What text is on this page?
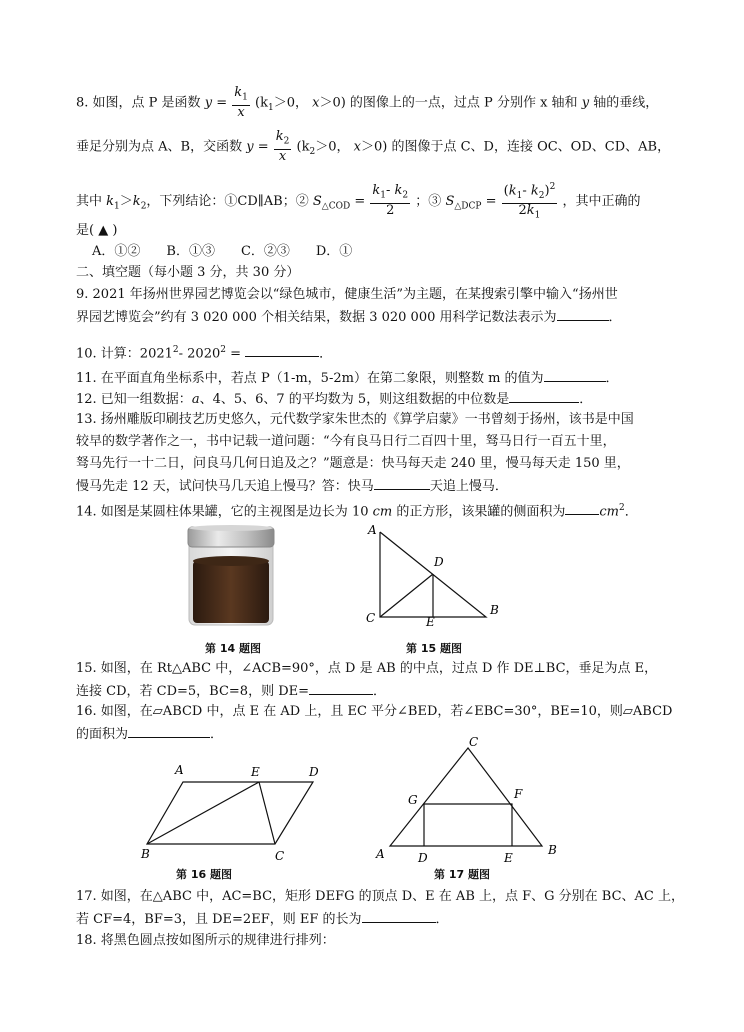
8. 如图，点 P 是函数 $y = \frac{k_1}{x} (k_1>0$， x＞0) 的图像上的一点，过点 P 分别作 x 轴和 y 轴的垂线，
垂足分别为点 A、B，交函数 $y = \frac{k_2}{x} (k_2>0$， x＞0) 的图像于点 C、D，连接 OC、OD、CD、AB，
其中 $k_1>k_2$，下列结论：①CD∥AB；② $S_{\triangle COD} = \frac{k_1- k_2}{2}$ ；③ $S_{\triangle DCP} = \frac{(k_1- k_2)^2}{2k_1}$ ，其中正确的
是( ▲ )
A．①②　　B．①③　　C．②③　　D．①
二、填空题（每小题 3 分，共 30 分）
9. 2021 年扬州世界园艺博览会以“绿色城市，健康生活”为主题，在某搜索引擎中输入“扬州世
界园艺博览会”约有 3 020 000 个相关结果，数据 3 020 000 用科学记数法表示为	．
10. 计算：2021$^2$- $2020^2$ =	．
11. 在平面直角坐标系中，若点 P（1-m，5-2m）在第二象限，则整数 m 的值为	．
12. 已知一组数据：a、4、5、6、7 的平均数为 5，则这组数据的中位数是	．
13. 扬州雕版印刷技艺历史悠久，元代数学家朱世杰的《算学启蒙》一书曾刻于扬州，该书是中国
较早的数学著作之一，书中记载一道问题：“今有良马日行二百四十里，驽马日行一百五十里，
驽马先行一十二日，问良马几何日追及之？”题意是：快马每天走 240 里，慢马每天走 150 里，
慢马先走 12 天，试问快马几天追上慢马？答：快马	天追上慢马．
14. 如图是某圆柱体果罐，它的主视图是边长为 10 cm 的正方形，该果罐的侧面积为	$cm^2$．
第 14 题图
A
C
B
D
E
第 15 题图
15. 如图，在 Rt△ABC 中，∠ACB=90°，点 D 是 AB 的中点，过点 D 作 DE⊥BC，垂足为点 E，
连接 CD，若 CD=5，BC=8，则 DE=	．
16. 如图，在▱ABCD 中，点 E 在 AD 上，且 EC 平分∠BED，若∠EBC=30°，BE=10，则▱ABCD
的面积为	．
A	E	D
B	C
第 16 题图
C
G	F
A	D	E
B
第 17 题图
17. 如图，在△ABC 中，AC=BC，矩形 DEFG 的顶点 D、E 在 AB 上，点 F、G 分别在 BC、AC 上，
若 CF=4，BF=3，且 DE=2EF，则 EF 的长为	．
18. 将黑色圆点按如图所示的规律进行排列：
